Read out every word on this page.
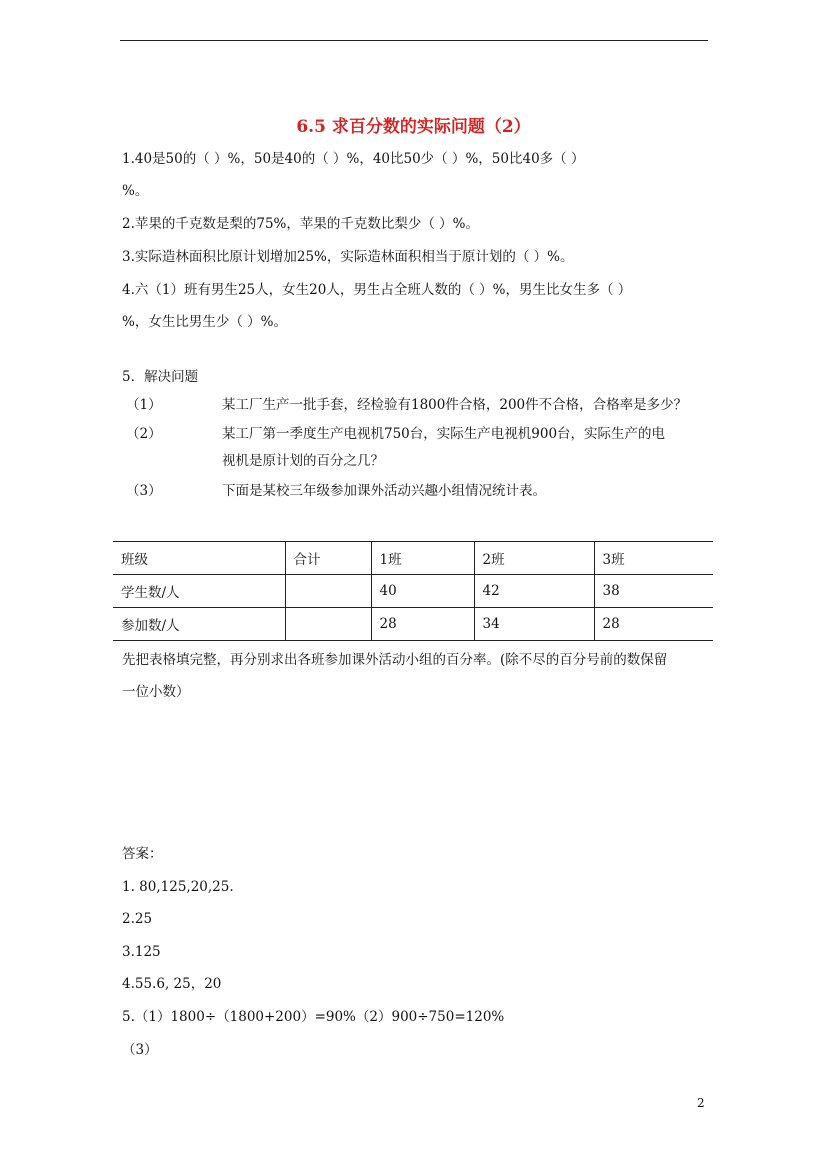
6.5 求百分数的实际问题（2）
1.40是50的（ ）%，50是40的（ ）%，40比50少（ ）%，50比40多（ ）
%。
2.苹果的千克数是梨的75%，苹果的千克数比梨少（ ）%。
3.实际造林面积比原计划增加25%，实际造林面积相当于原计划的（ ）%。
4.六（1）班有男生25人，女生20人，男生占全班人数的（ ）%，男生比女生多（ ）
%，女生比男生少（ ）%。
5．解决问题
（1）	某工厂生产一批手套，经检验有1800件合格，200件不合格，合格率是多少？
（2）	某工厂第一季度生产电视机750台，实际生产电视机900台，实际生产的电
视机是原计划的百分之几？
（3）	下面是某校三年级参加课外活动兴趣小组情况统计表。
班级	合计	1班	2班	3班
学生数/人		40	42	38
参加数/人		28	34	28
先把表格填完整，再分别求出各班参加课外活动小组的百分率。(除不尽的百分号前的数保留
一位小数）
答案：
1. 80,125,20,25.
2.25
3.125
4.55.6, 25，20
5.（1）1800÷（1800+200）=90%（2）900÷750=120%
（3）
2
